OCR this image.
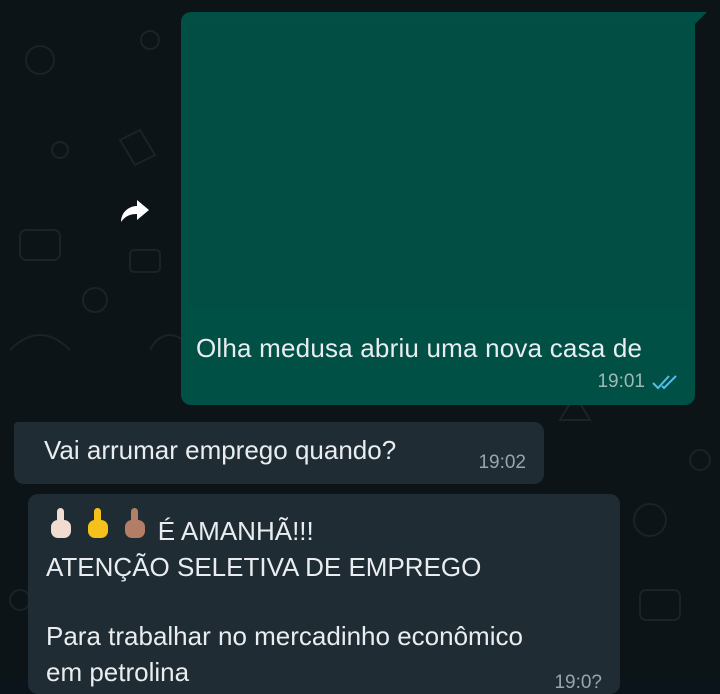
Olha medusa abriu uma nova casa de
19:01
Vai arrumar emprego quando?	19:02
É AMANHÃ!!!
ATENÇÃO SELETIVA DE EMPREGO
Para trabalhar no mercadinho econômico
em petrolina	19:0?
